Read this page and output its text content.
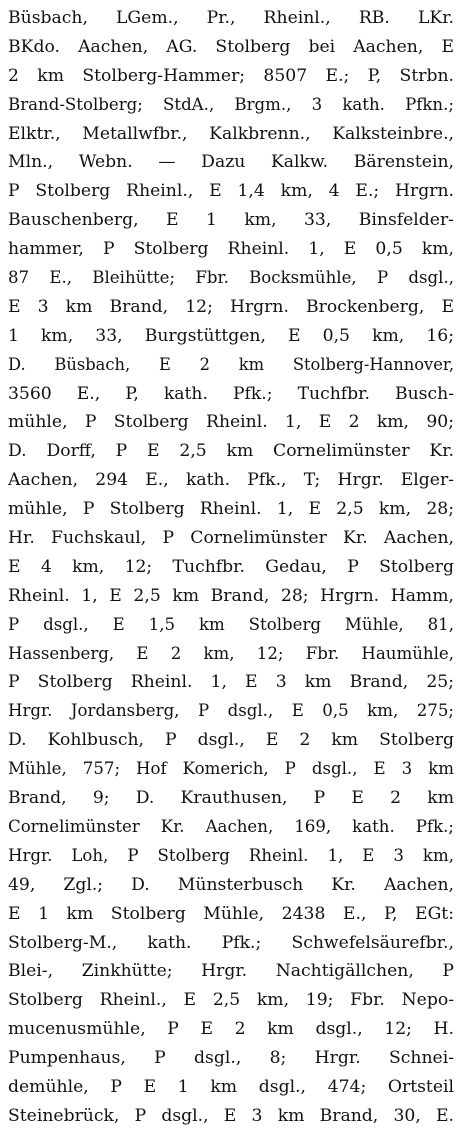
Büsbach, LGem., Pr., Rheinl., RB. LKr.
BKdo. Aachen, AG. Stolberg bei Aachen, E
2 km Stolberg-Hammer; 8507 E.; P, Strbn.
Brand-Stolberg; StdA., Brgm., 3 kath. Pfkn.;
Elktr., Metallwfbr., Kalkbrenn., Kalksteinbre.,
Mln., Webn. — Dazu Kalkw. Bärenstein,
P Stolberg Rheinl., E 1,4 km, 4 E.; Hrgrn.
Bauschenberg, E 1 km, 33, Binsfelder-
hammer, P Stolberg Rheinl. 1, E 0,5 km,
87 E., Bleihütte; Fbr. Bocksmühle, P dsgl.,
E 3 km Brand, 12; Hrgrn. Brockenberg, E
1 km, 33, Burgstüttgen, E 0,5 km, 16;
D. Büsbach, E 2 km Stolberg-Hannover,
3560 E., P, kath. Pfk.; Tuchfbr. Busch-
mühle, P Stolberg Rheinl. 1, E 2 km, 90;
D. Dorff, P E 2,5 km Cornelimünster Kr.
Aachen, 294 E., kath. Pfk., T; Hrgr. Elger-
mühle, P Stolberg Rheinl. 1, E 2,5 km, 28;
Hr. Fuchskaul, P Cornelimünster Kr. Aachen,
E 4 km, 12; Tuchfbr. Gedau, P Stolberg
Rheinl. 1, E 2,5 km Brand, 28; Hrgrn. Hamm,
P dsgl., E 1,5 km Stolberg Mühle, 81,
Hassenberg, E 2 km, 12; Fbr. Haumühle,
P Stolberg Rheinl. 1, E 3 km Brand, 25;
Hrgr. Jordansberg, P dsgl., E 0,5 km, 275;
D. Kohlbusch, P dsgl., E 2 km Stolberg
Mühle, 757; Hof Komerich, P dsgl., E 3 km
Brand, 9; D. Krauthusen, P E 2 km
Cornelimünster Kr. Aachen, 169, kath. Pfk.;
Hrgr. Loh, P Stolberg Rheinl. 1, E 3 km,
49, Zgl.; D. Münsterbusch Kr. Aachen,
E 1 km Stolberg Mühle, 2438 E., P, EGt:
Stolberg-M., kath. Pfk.; Schwefelsäurefbr.,
Blei-, Zinkhütte; Hrgr. Nachtigällchen, P
Stolberg Rheinl., E 2,5 km, 19; Fbr. Nepo-
mucenusmühle, P E 2 km dsgl., 12; H.
Pumpenhaus, P dsgl., 8; Hrgr. Schnei-
demühle, P E 1 km dsgl., 474; Ortsteil
Steinebrück, P dsgl., E 3 km Brand, 30, E.
